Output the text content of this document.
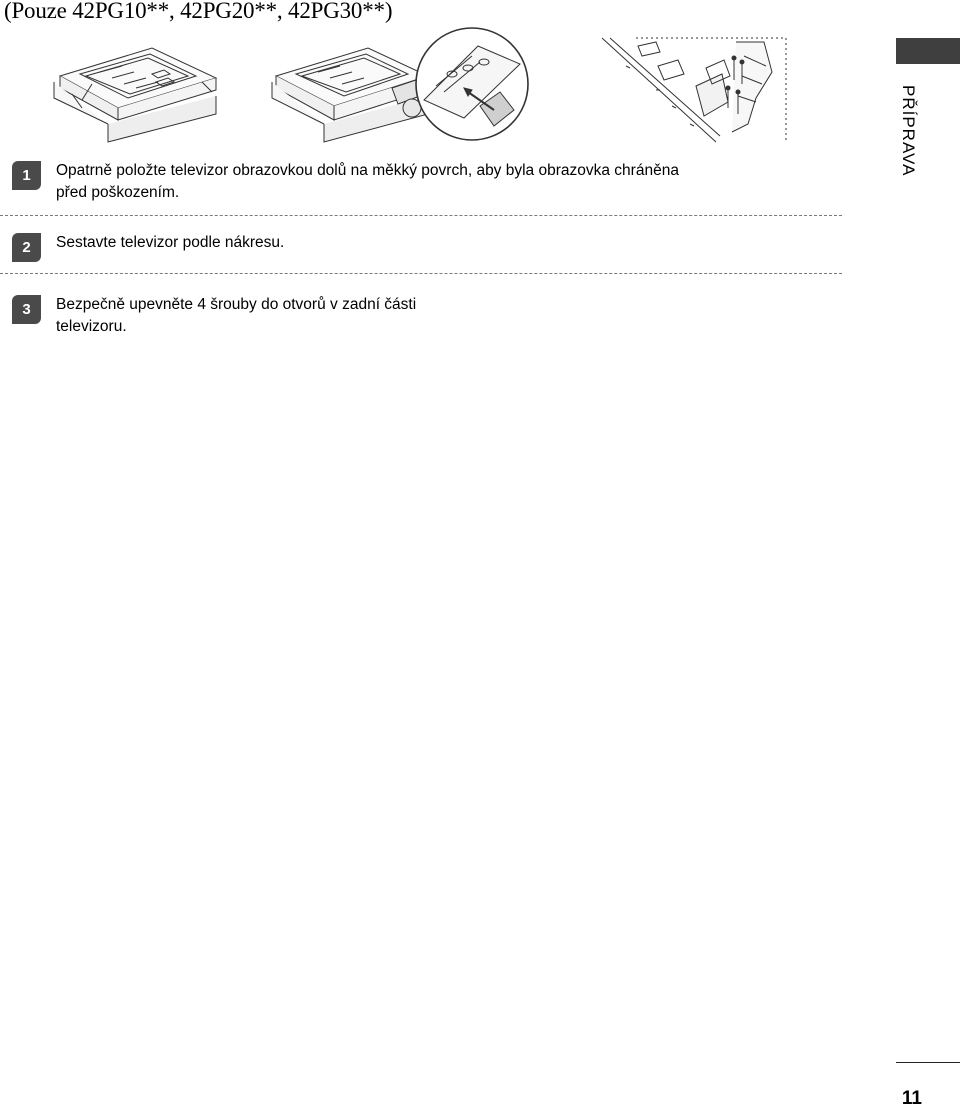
(Pouze 42PG10**, 42PG20**, 42PG30**)
PŘÍPRAVA
1	Opatrně položte televizor obrazovkou dolů na měkký povrch, aby byla obrazovka chráněna
před poškozením.
2	Sestavte televizor podle nákresu.
3	Bezpečně upevněte 4 šrouby do otvorů v zadní části
televizoru.
11
